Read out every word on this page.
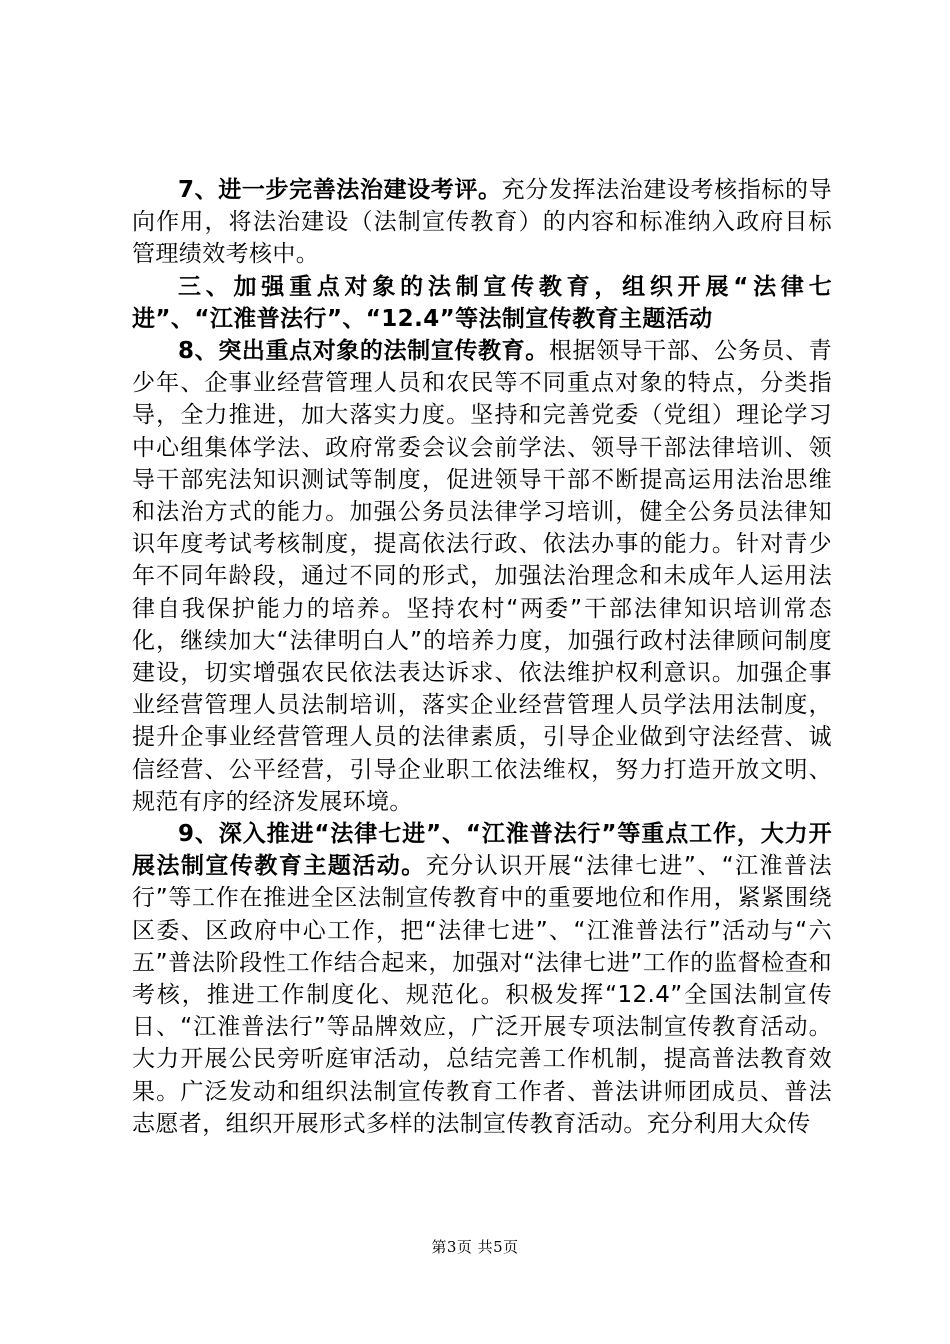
7、进一步完善法治建设考评。充分发挥法治建设考核指标的导向作用，将法治建设（法制宣传教育）的内容和标准纳入政府目标管理绩效考核中。

三、加强重点对象的法制宣传教育，组织开展“法律七进”、“江淮普法行”、“12.4”等法制宣传教育主题活动

8、突出重点对象的法制宣传教育。根据领导干部、公务员、青少年、企事业经营管理人员和农民等不同重点对象的特点，分类指导，全力推进，加大落实力度。坚持和完善党委（党组）理论学习中心组集体学法、政府常委会议会前学法、领导干部法律培训、领导干部宪法知识测试等制度，促进领导干部不断提高运用法治思维和法治方式的能力。加强公务员法律学习培训，健全公务员法律知识年度考试考核制度，提高依法行政、依法办事的能力。针对青少年不同年龄段，通过不同的形式，加强法治理念和未成年人运用法律自我保护能力的培养。坚持农村“两委”干部法律知识培训常态化，继续加大“法律明白人”的培养力度，加强行政村法律顾问制度建设，切实增强农民依法表达诉求、依法维护权利意识。加强企事业经营管理人员法制培训，落实企业经营管理人员学法用法制度，提升企事业经营管理人员的法律素质，引导企业做到守法经营、诚信经营、公平经营，引导企业职工依法维权，努力打造开放文明、规范有序的经济发展环境。

9、深入推进“法律七进”、“江淮普法行”等重点工作，大力开展法制宣传教育主题活动。充分认识开展“法律七进”、“江淮普法行”等工作在推进全区法制宣传教育中的重要地位和作用，紧紧围绕区委、区政府中心工作，把“法律七进”、“江淮普法行”活动与“六五”普法阶段性工作结合起来，加强对“法律七进”工作的监督检查和考核，推进工作制度化、规范化。积极发挥“12.4”全国法制宣传日、“江淮普法行”等品牌效应，广泛开展专项法制宣传教育活动。大力开展公民旁听庭审活动，总结完善工作机制，提高普法教育效果。广泛发动和组织法制宣传教育工作者、普法讲师团成员、普法志愿者，组织开展形式多样的法制宣传教育活动。充分利用大众传

第3页 共5页
